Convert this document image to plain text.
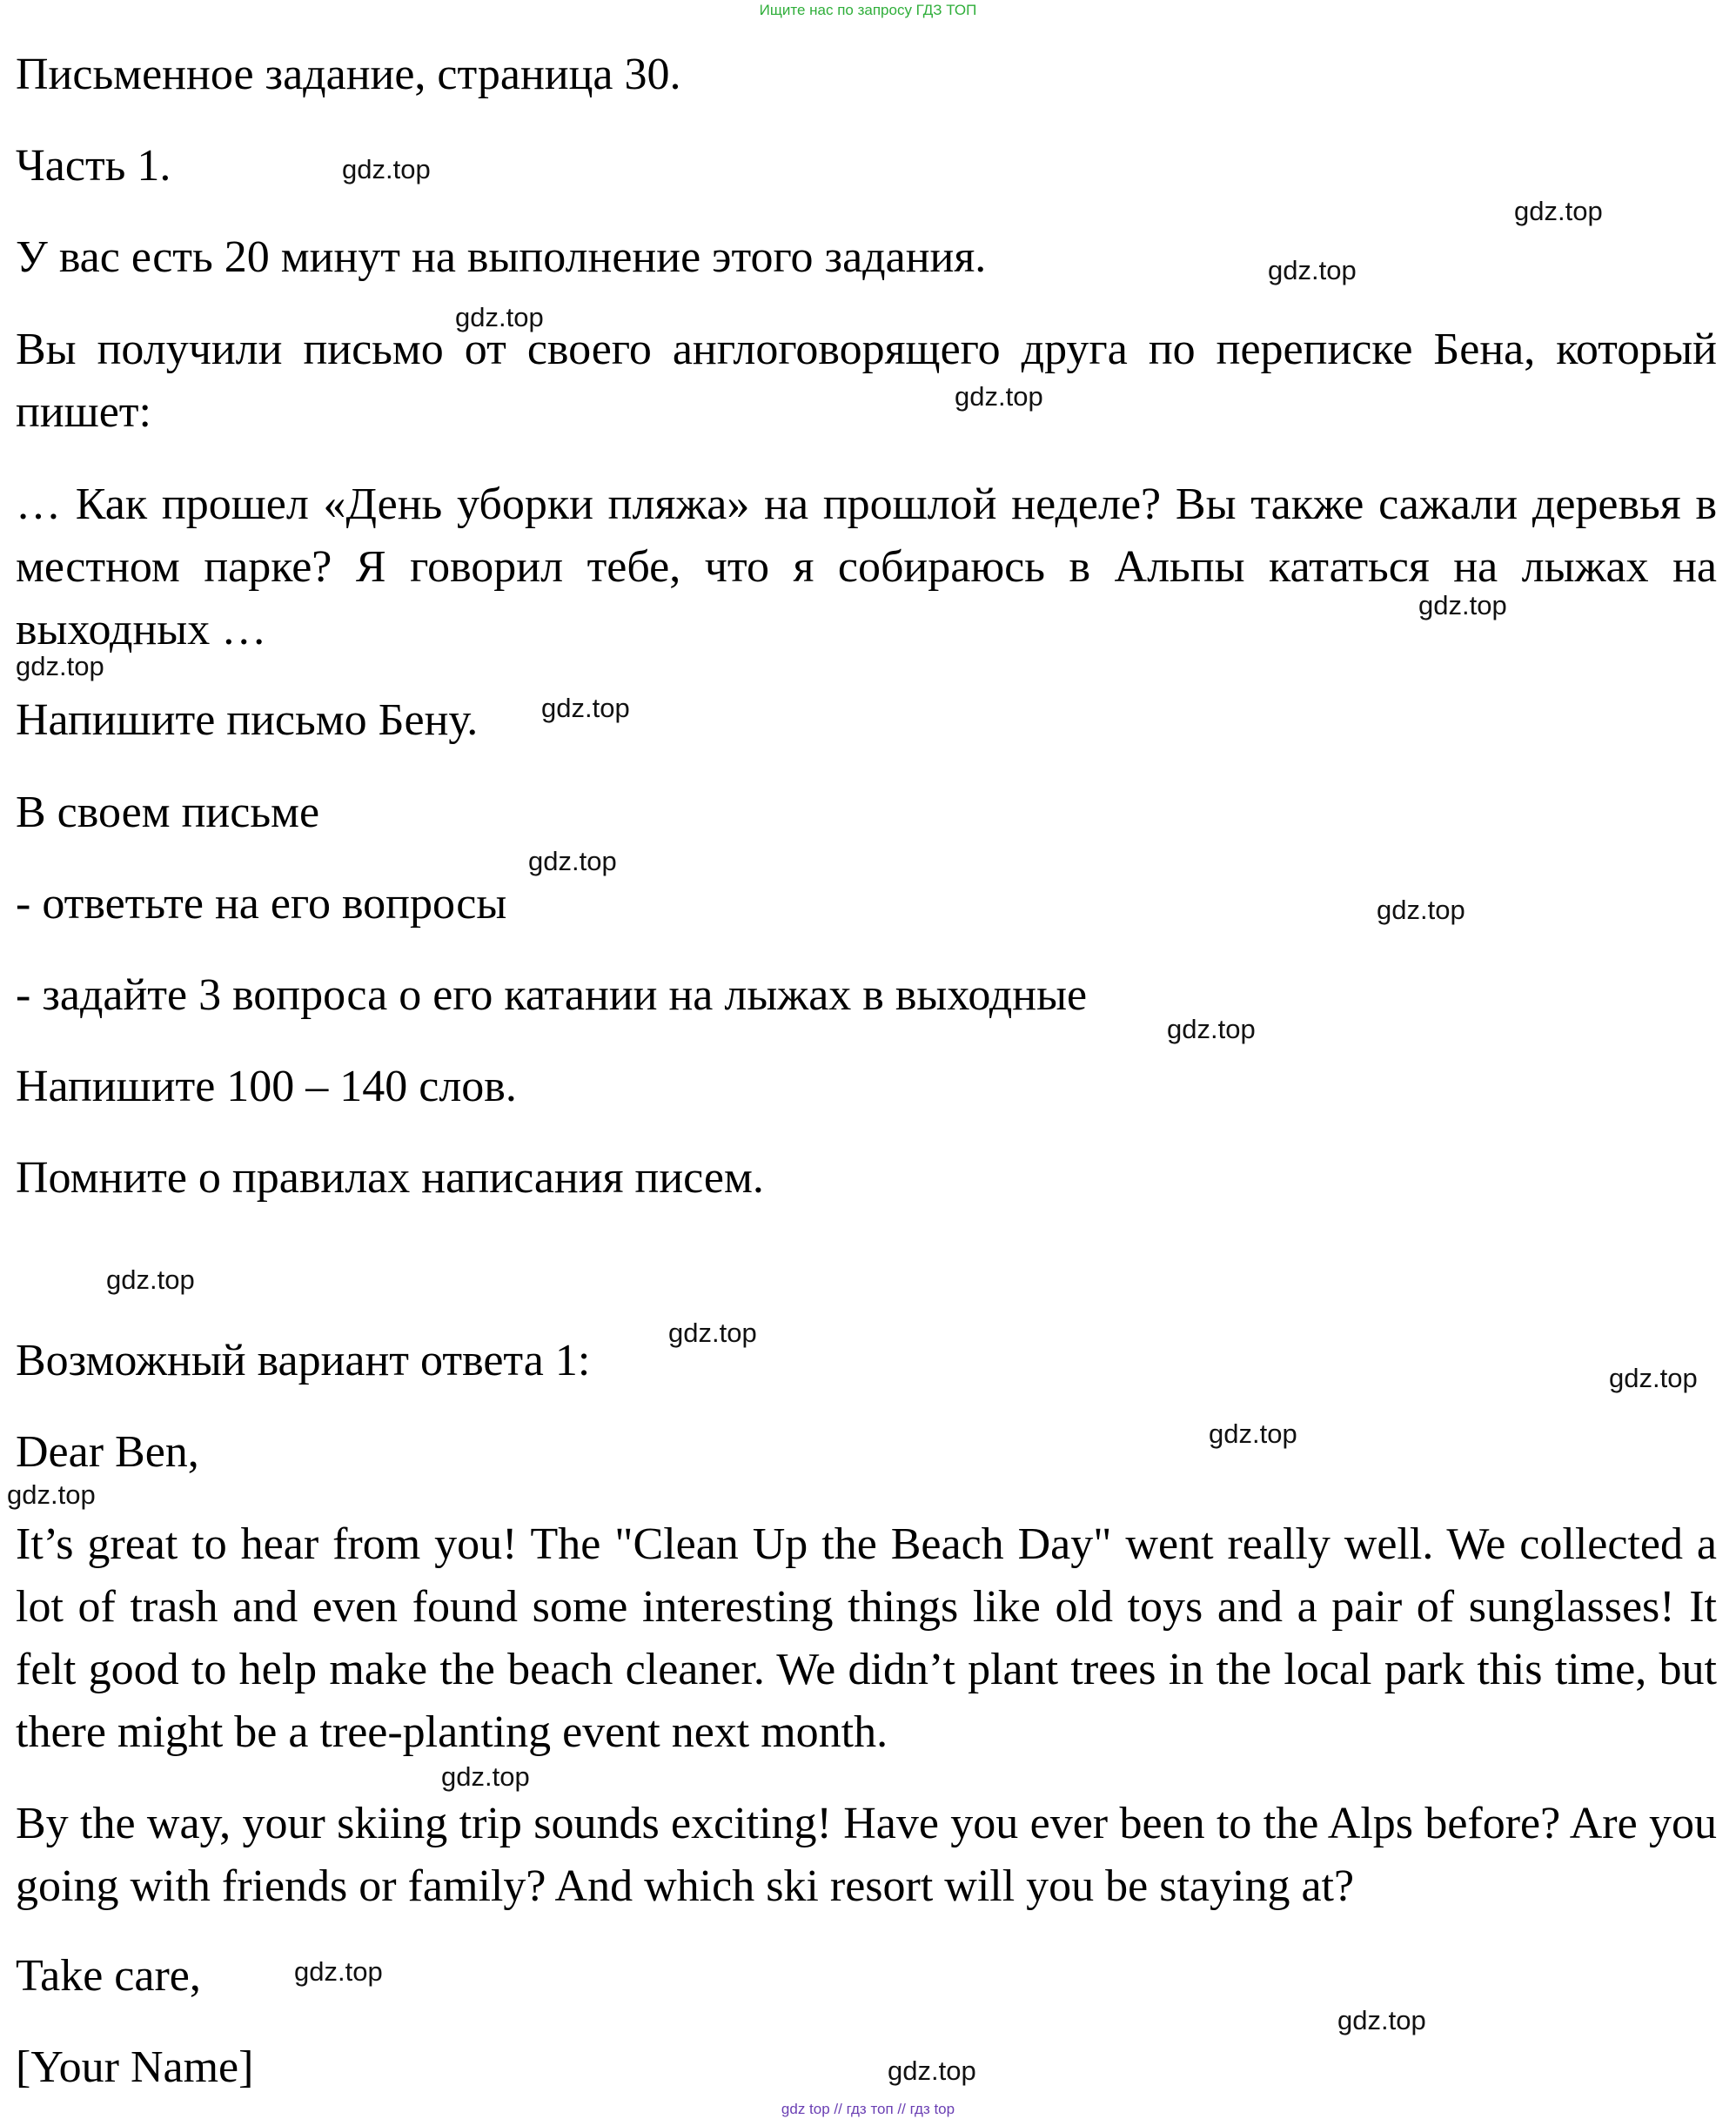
Ищите нас по запросу ГДЗ ТОП
Письменное задание, страница 30.
Часть 1.
У вас есть 20 минут на выполнение этого задания.
Вы получили письмо от своего англоговорящего друга по переписке Бена, который пишет:
… Как прошел «День уборки пляжа» на прошлой неделе? Вы также сажали деревья в местном парке? Я говорил тебе, что я собираюсь в Альпы кататься на лыжах на выходных …
Напишите письмо Бену.
В своем письме
- ответьте на его вопросы
- задайте 3 вопроса о его катании на лыжах в выходные
Напишите 100 – 140 слов.
Помните о правилах написания писем.
Возможный вариант ответа 1:
Dear Ben,
It’s great to hear from you! The "Clean Up the Beach Day" went really well. We collected a lot of trash and even found some interesting things like old toys and a pair of sunglasses! It felt good to help make the beach cleaner. We didn’t plant trees in the local park this time, but there might be a tree-planting event next month.
By the way, your skiing trip sounds exciting! Have you ever been to the Alps before? Are you going with friends or family? And which ski resort will you be staying at?
Take care,
[Your Name]
gdz.top
gdz.top
gdz.top
gdz.top
gdz.top
gdz.top
gdz.top
gdz.top
gdz.top
gdz.top
gdz.top
gdz.top
gdz.top
gdz.top
gdz.top
gdz.top
gdz.top
gdz.top
gdz.top
gdz.top
gdz top // гдз топ // гдз top
